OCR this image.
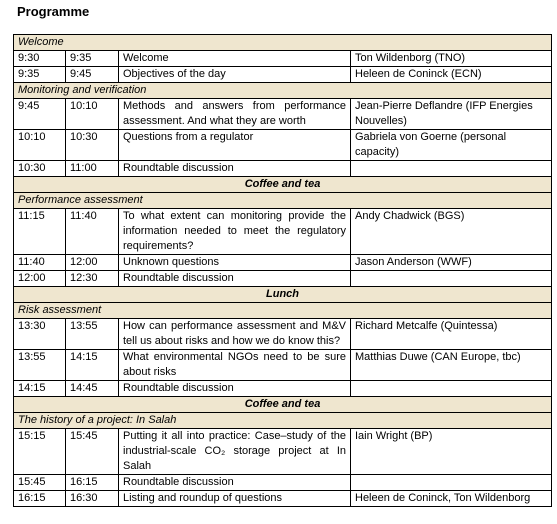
Programme
Welcome			
9:30	9:35	Welcome	Ton Wildenborg (TNO)
9:35	9:45	Objectives of the day	Heleen de Coninck (ECN)
Monitoring and verification			
9:45	10:10	Methods and answers from performance assessment. And what they are worth	Jean-Pierre Deflandre (IFP Energies Nouvelles)
10:10	10:30	Questions from a regulator	Gabriela von Goerne (personal capacity)
10:30	11:00	Roundtable discussion	
Coffee and tea			
Performance assessment			
11:15	11:40	To what extent can monitoring provide the information needed to meet the regulatory requirements?	Andy Chadwick (BGS)
11:40	12:00	Unknown questions	Jason Anderson (WWF)
12:00	12:30	Roundtable discussion	
Lunch			
Risk assessment			
13:30	13:55	How can performance assessment and M&V tell us about risks and how we do know this?	Richard Metcalfe (Quintessa)
13:55	14:15	What environmental NGOs need to be sure about risks	Matthias Duwe (CAN Europe, tbc)
14:15	14:45	Roundtable discussion	
Coffee and tea			
The history of a project: In Salah			
15:15	15:45	Putting it all into practice: Case–study of the industrial-scale CO₂ storage project at In Salah	Iain Wright (BP)
15:45	16:15	Roundtable discussion	
16:15	16:30	Listing and roundup of questions	Heleen de Coninck, Ton Wildenborg
